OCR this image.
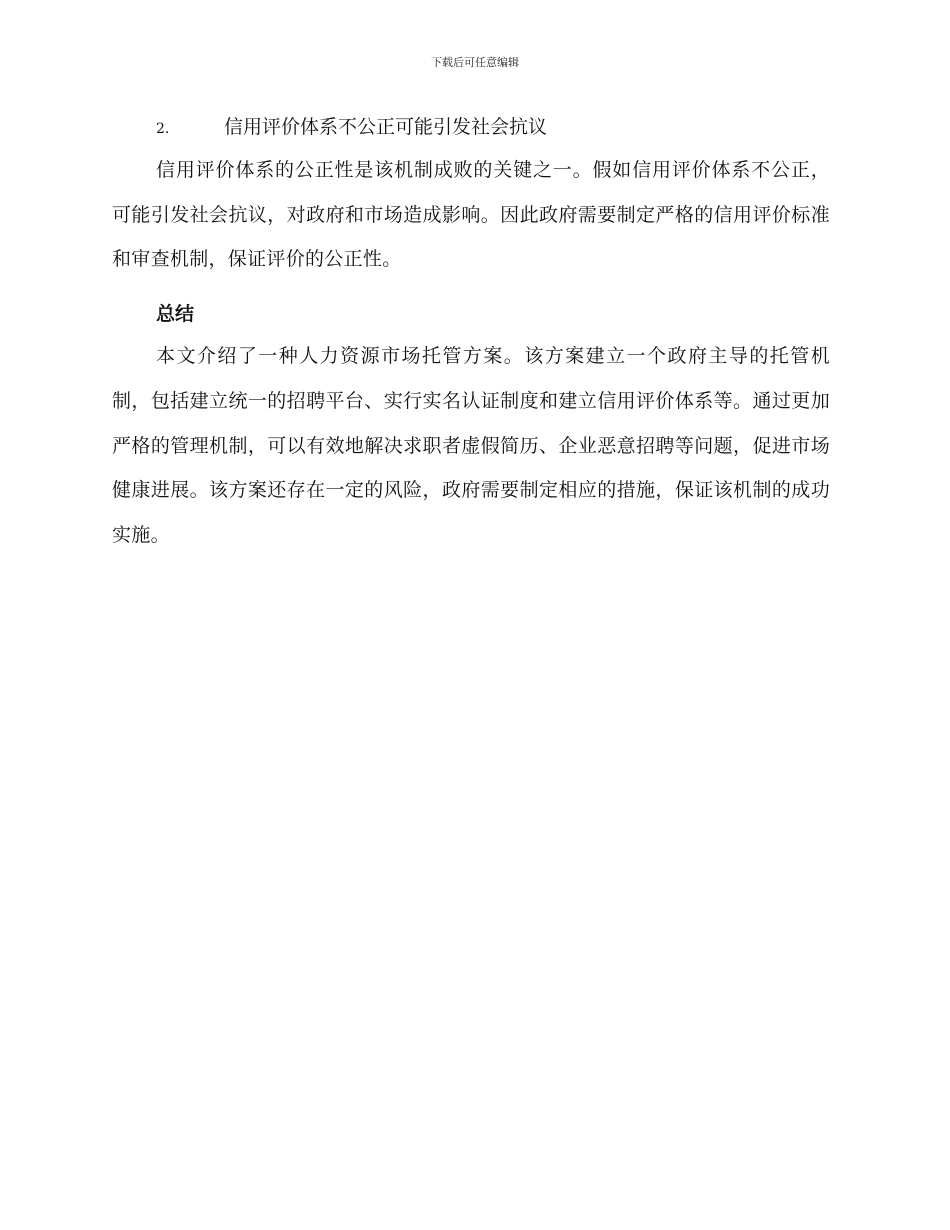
下载后可任意编辑
2.	信用评价体系不公正可能引发社会抗议

信用评价体系的公正性是该机制成败的关键之一。假如信用评价体系不公正，可能引发社会抗议，对政府和市场造成影响。因此政府需要制定严格的信用评价标准和审查机制，保证评价的公正性。

总结

本文介绍了一种人力资源市场托管方案。该方案建立一个政府主导的托管机制，包括建立统一的招聘平台、实行实名认证制度和建立信用评价体系等。通过更加严格的管理机制，可以有效地解决求职者虚假简历、企业恶意招聘等问题，促进市场健康进展。该方案还存在一定的风险，政府需要制定相应的措施，保证该机制的成功实施。
